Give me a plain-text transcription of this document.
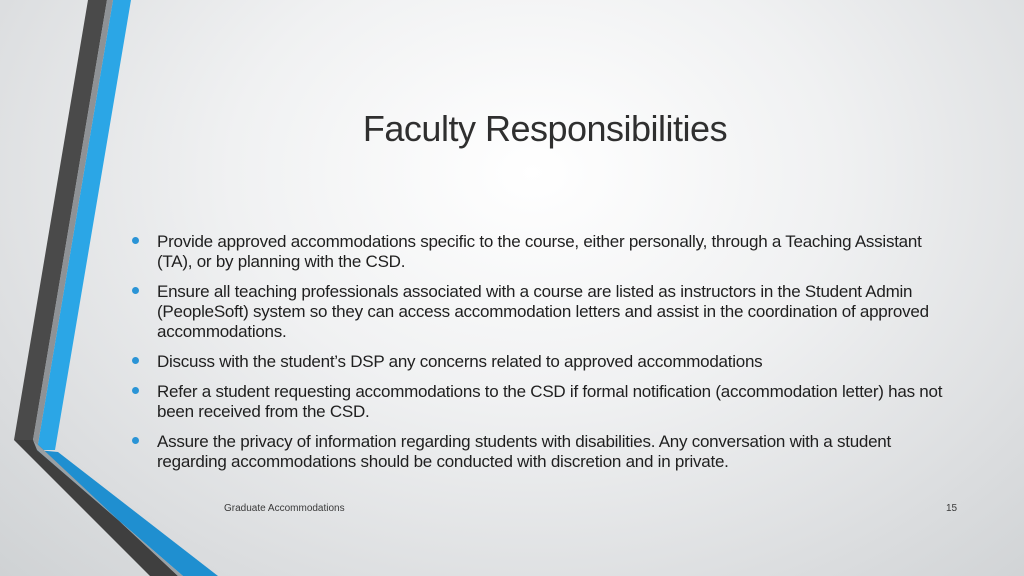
Faculty Responsibilities
Provide approved accommodations specific to the course, either personally, through a Teaching Assistant (TA), or by planning with the CSD.
Ensure all teaching professionals associated with a course are listed as instructors in the Student Admin (PeopleSoft) system so they can access accommodation letters and assist in the coordination of approved accommodations.
Discuss with the student’s DSP any concerns related to approved accommodations
Refer a student requesting accommodations to the CSD if formal notification (accommodation letter) has not been received from the CSD.
Assure the privacy of information regarding students with disabilities. Any conversation with a student regarding accommodations should be conducted with discretion and in private.
Graduate Accommodations	15
